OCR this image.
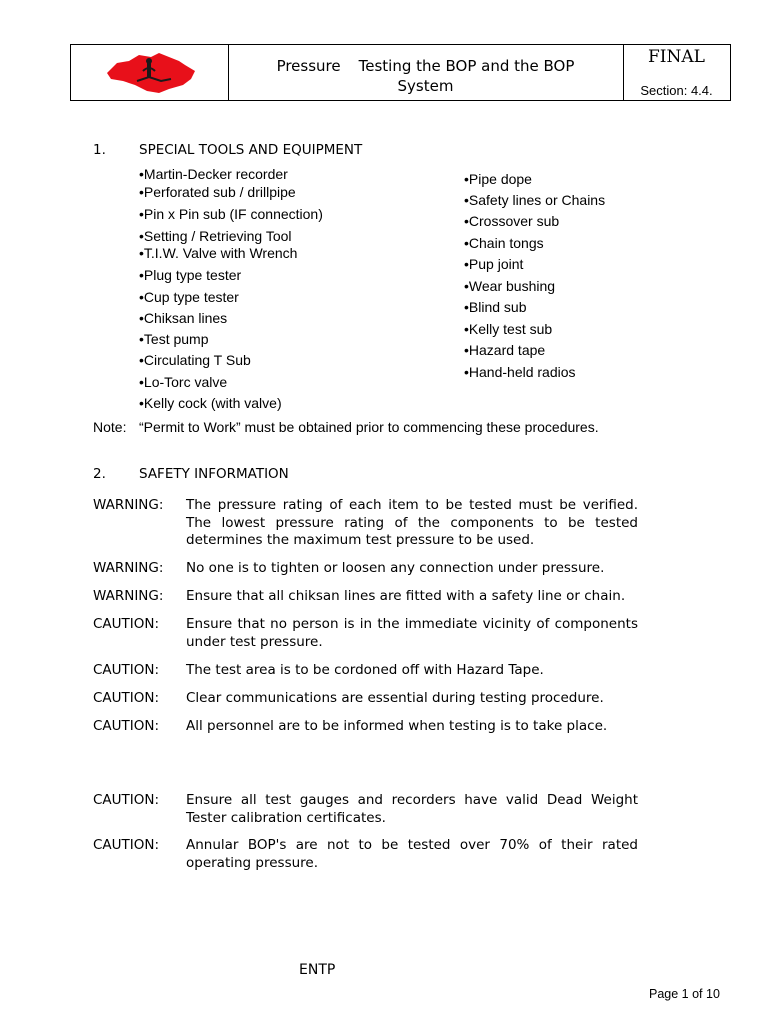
Pressure Testing the BOP and the BOP
System
FINAL
Section: 4.4.
1. SPECIAL TOOLS AND EQUIPMENT
• Martin-Decker recorder
• Perforated sub / drillpipe
• Pin x Pin sub (IF connection)
• Setting / Retrieving Tool
• T.I.W. Valve with Wrench
• Plug type tester
• Cup type tester
• Chiksan lines
• Test pump
• Circulating T Sub
• Lo-Torc valve
• Kelly cock (with valve)
• Pipe dope
• Safety lines or Chains
• Crossover sub
• Chain tongs
• Pup joint
• Wear bushing
• Blind sub
• Kelly test sub
• Hazard tape
• Hand-held radios
Note: “Permit to Work” must be obtained prior to commencing these procedures.
2. SAFETY INFORMATION
WARNING: The pressure rating of each item to be tested must be verified. The lowest pressure rating of the components to be tested determines the maximum test pressure to be used.
WARNING: No one is to tighten or loosen any connection under pressure.
WARNING: Ensure that all chiksan lines are fitted with a safety line or chain.
CAUTION: Ensure that no person is in the immediate vicinity of components under test pressure.
CAUTION: The test area is to be cordoned off with Hazard Tape.
CAUTION: Clear communications are essential during testing procedure.
CAUTION: All personnel are to be informed when testing is to take place.
CAUTION: Ensure all test gauges and recorders have valid Dead Weight Tester calibration certificates.
CAUTION: Annular BOP's are not to be tested over 70% of their rated operating pressure.
ENTP
Page 1 of 10
